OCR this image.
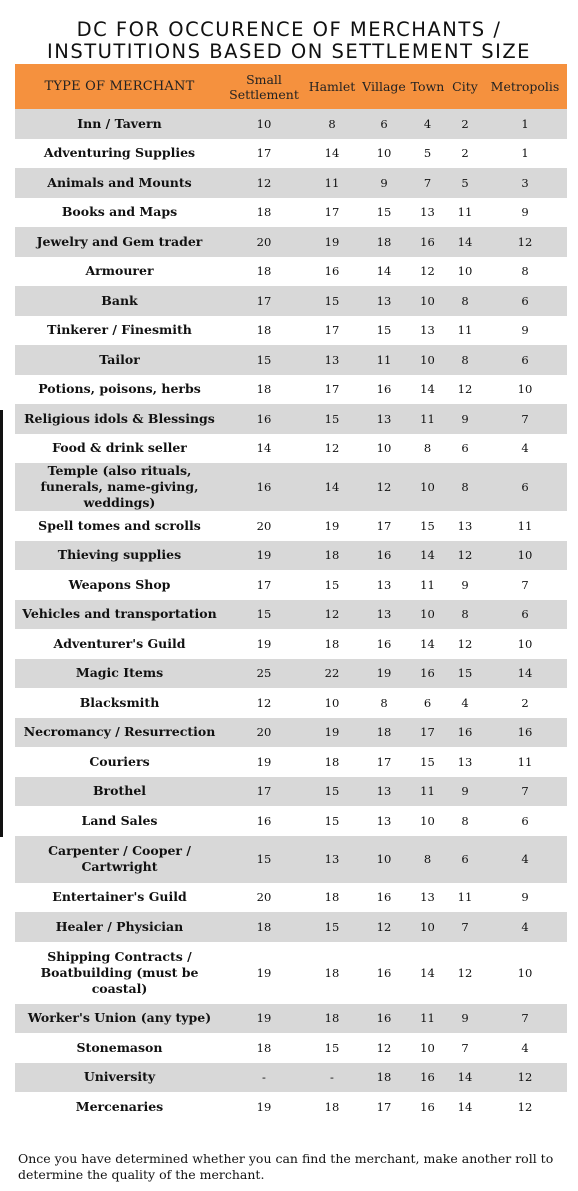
DC FOR OCCURENCE OF MERCHANTS /
INSTUTITIONS BASED ON SETTLEMENT SIZE
TYPE OF MERCHANT	Small Settlement	Hamlet	Village	Town	City	Metropolis
Inn / Tavern	10	8	6	4	2	1
Adventuring Supplies	17	14	10	5	2	1
Animals and Mounts	12	11	9	7	5	3
Books and Maps	18	17	15	13	11	9
Jewelry and Gem trader	20	19	18	16	14	12
Armourer	18	16	14	12	10	8
Bank	17	15	13	10	8	6
Tinkerer / Finesmith	18	17	15	13	11	9
Tailor	15	13	11	10	8	6
Potions, poisons, herbs	18	17	16	14	12	10
Religious idols & Blessings	16	15	13	11	9	7
Food & drink seller	14	12	10	8	6	4
Temple (also rituals, funerals, name-giving, weddings)	16	14	12	10	8	6
Spell tomes and scrolls	20	19	17	15	13	11
Thieving supplies	19	18	16	14	12	10
Weapons Shop	17	15	13	11	9	7
Vehicles and transportation	15	12	13	10	8	6
Adventurer's Guild	19	18	16	14	12	10
Magic Items	25	22	19	16	15	14
Blacksmith	12	10	8	6	4	2
Necromancy / Resurrection	20	19	18	17	16	16
Couriers	19	18	17	15	13	11
Brothel	17	15	13	11	9	7
Land Sales	16	15	13	10	8	6
Carpenter / Cooper / Cartwright	15	13	10	8	6	4
Entertainer's Guild	20	18	16	13	11	9
Healer / Physician	18	15	12	10	7	4
Shipping Contracts / Boatbuilding (must be coastal)	19	18	16	14	12	10
Worker's Union (any type)	19	18	16	11	9	7
Stonemason	18	15	12	10	7	4
University	-	-	18	16	14	12
Mercenaries	19	18	17	16	14	12
Once you have determined whether you can find the merchant, make another roll to determine the quality of the merchant.
